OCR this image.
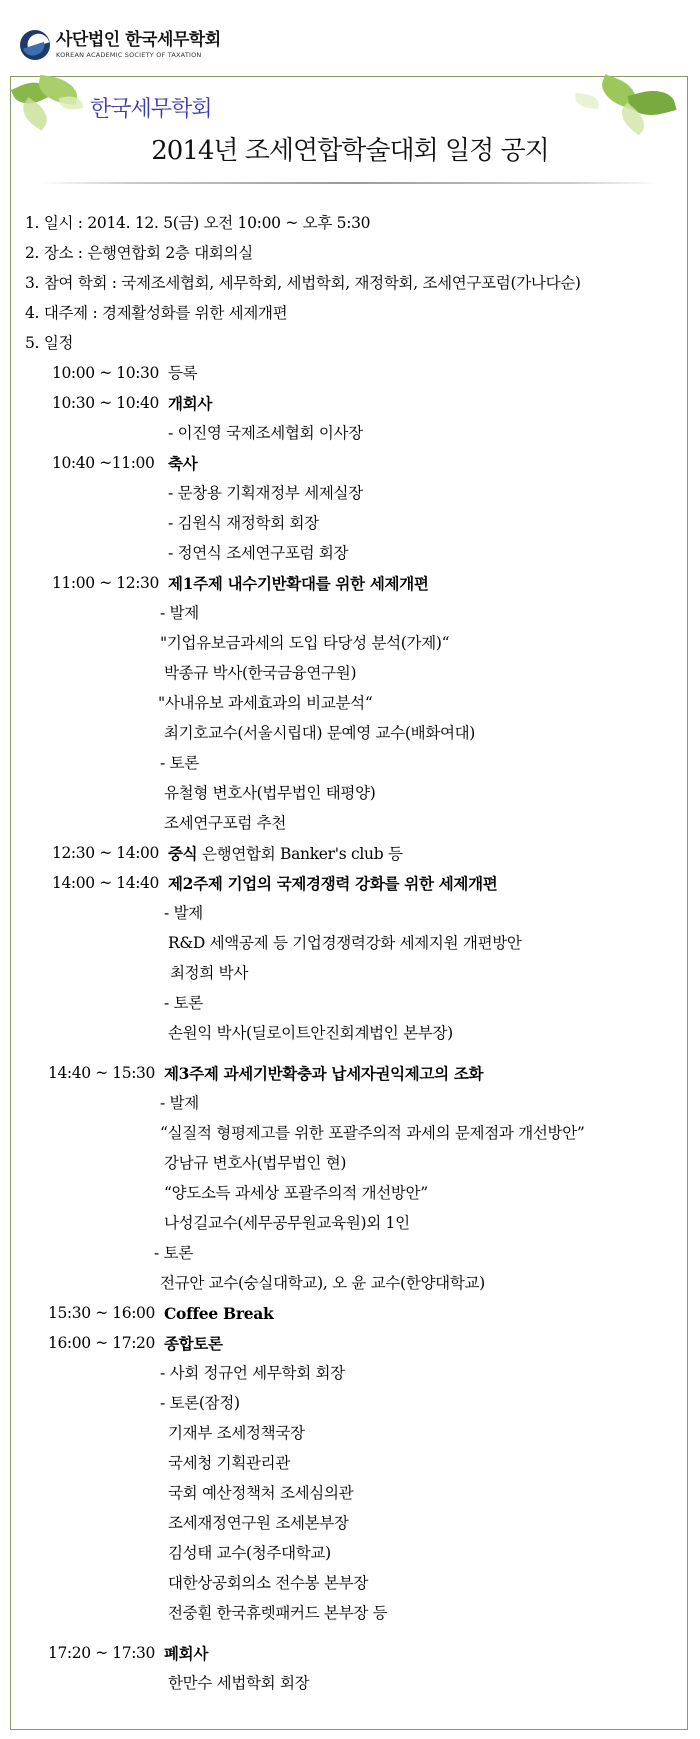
사단법인 한국세무학회
KOREAN ACADEMIC SOCIETY OF TAXATION
한국세무학회
2014년 조세연합학술대회 일정 공지
1. 일시 : 2014. 12. 5(금) 오전 10:00 ~ 오후 5:30
2. 장소 : 은행연합회 2층 대회의실
3. 참여 학회 : 국제조세협회, 세무학회, 세법학회, 재정학회, 조세연구포럼(가나다순)
4. 대주제 : 경제활성화를 위한 세제개편
5. 일정
10:00 ~ 10:30 등록
10:30 ~ 10:40 개회사
- 이진영 국제조세협회 이사장
10:40 ~11:00 축사
- 문창용 기획재정부 세제실장
- 김원식 재정학회 회장
- 정연식 조세연구포럼 회장
11:00 ~ 12:30 제1주제 내수기반확대를 위한 세제개편
- 발제
"기업유보금과세의 도입 타당성 분석(가제)“
박종규 박사(한국금융연구원)
"사내유보 과세효과의 비교분석“
최기호교수(서울시립대) 문예영 교수(배화여대)
- 토론
유철형 변호사(법무법인 태평양)
조세연구포럼 추천
12:30 ~ 14:00 중식 은행연합회 Banker's club 등
14:00 ~ 14:40 제2주제 기업의 국제경쟁력 강화를 위한 세제개편
- 발제
R&D 세액공제 등 기업경쟁력강화 세제지원 개편방안
최정희 박사
- 토론
손원익 박사(딜로이트안진회계법인 본부장)
14:40 ~ 15:30 제3주제 과세기반확충과 납세자권익제고의 조화
- 발제
“실질적 형평제고를 위한 포괄주의적 과세의 문제점과 개선방안”
강남규 변호사(법무법인 현)
“양도소득 과세상 포괄주의적 개선방안”
나성길교수(세무공무원교육원)외 1인
- 토론
전규안 교수(숭실대학교), 오 윤 교수(한양대학교)
15:30 ~ 16:00 Coffee Break
16:00 ~ 17:20 종합토론
- 사회 정규언 세무학회 회장
- 토론(잠정)
기재부 조세정책국장
국세청 기획관리관
국회 예산정책처 조세심의관
조세재정연구원 조세본부장
김성태 교수(청주대학교)
대한상공회의소 전수봉 본부장
전중훤 한국휴렛패커드 본부장 등
17:20 ~ 17:30 폐회사
한만수 세법학회 회장
